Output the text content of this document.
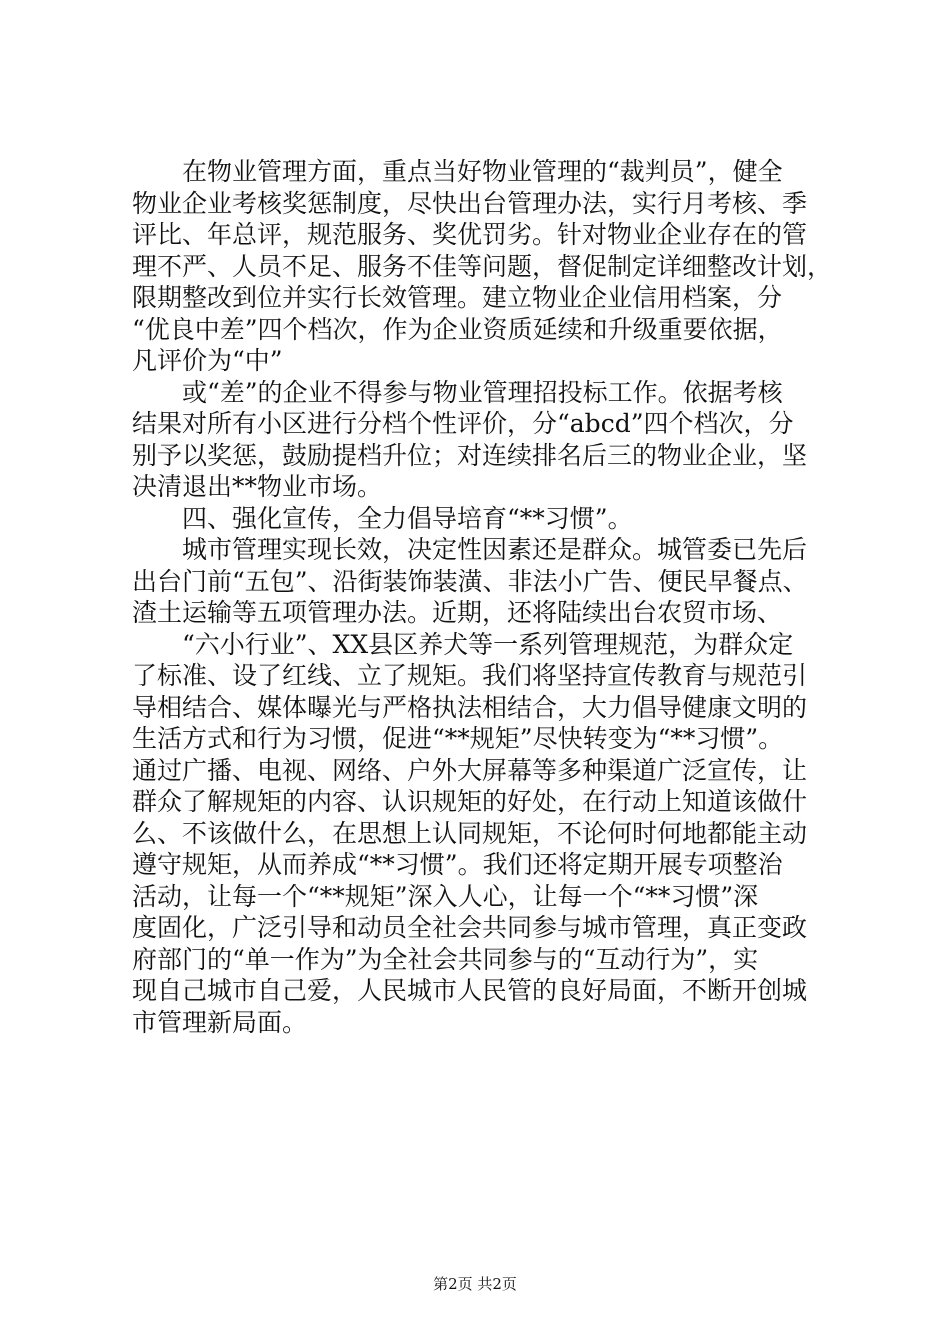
　　在物业管理方面，重点当好物业管理的“裁判员”，健全
物业企业考核奖惩制度，尽快出台管理办法，实行月考核、季
评比、年总评，规范服务、奖优罚劣。针对物业企业存在的管
理不严、人员不足、服务不佳等问题，督促制定详细整改计划，
限期整改到位并实行长效管理。建立物业企业信用档案，分
“优良中差”四个档次，作为企业资质延续和升级重要依据，
凡评价为“中”
　　或“差”的企业不得参与物业管理招投标工作。依据考核
结果对所有小区进行分档个性评价，分“abcd”四个档次，分
别予以奖惩，鼓励提档升位；对连续排名后三的物业企业，坚
决清退出**物业市场。
　　四、强化宣传，全力倡导培育“**习惯”。
　　城市管理实现长效，决定性因素还是群众。城管委已先后
出台门前“五包”、沿街装饰装潢、非法小广告、便民早餐点、
渣土运输等五项管理办法。近期，还将陆续出台农贸市场、
　　“六小行业”、XX县区养犬等一系列管理规范，为群众定
了标准、设了红线、立了规矩。我们将坚持宣传教育与规范引
导相结合、媒体曝光与严格执法相结合，大力倡导健康文明的
生活方式和行为习惯，促进“**规矩”尽快转变为“**习惯”。
通过广播、电视、网络、户外大屏幕等多种渠道广泛宣传，让
群众了解规矩的内容、认识规矩的好处，在行动上知道该做什
么、不该做什么，在思想上认同规矩，不论何时何地都能主动
遵守规矩，从而养成“**习惯”。我们还将定期开展专项整治
活动，让每一个“**规矩”深入人心，让每一个“**习惯”深
度固化，广泛引导和动员全社会共同参与城市管理，真正变政
府部门的“单一作为”为全社会共同参与的“互动行为”，实
现自己城市自己爱，人民城市人民管的良好局面，不断开创城
市管理新局面。
第2页 共2页
